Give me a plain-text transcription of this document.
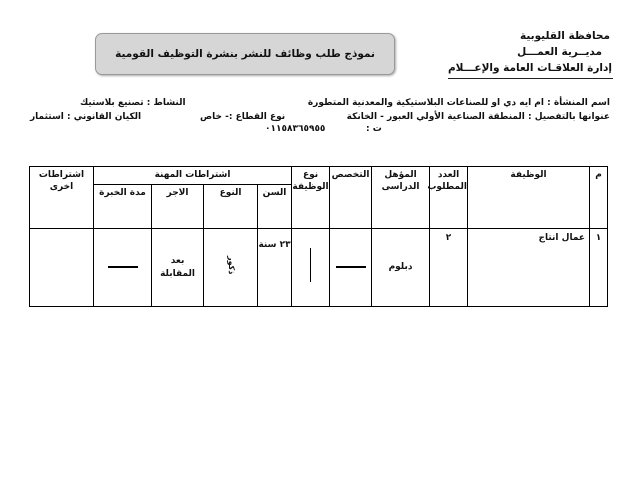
محافظة القليوبية
مديــرية العمـــل
إدارة العلاقـات العامة والإعـــلام
نموذج طلب وظائف للنشر بنشرة التوظيف القومية
اسم المنشأة : ام ايه دي او للصناعات البلاستيكية والمعدنية المتطورة
النشاط : تصنيع بلاستيك
عنوانها بالتفصيل : المنطقة الصناعية الأولي العبور - الخانكة
نوع القطاع :- خاص
الكيان القانوني : استثمار
ت :
٠١١٥٨٣٦٥٩٥٥
م	الوظيفة	العدد المطلوب	المؤهل الدراسى	التخصص	نوع الوظيفة	اشتراطات المهنة				اشتراطات اخرى

						السن	النوع	الاجر	مدة الخبرة	

١	عمال انتاج	٢	دبلوم			٢٣ سنة	ذكور	بعد المقابلة		
